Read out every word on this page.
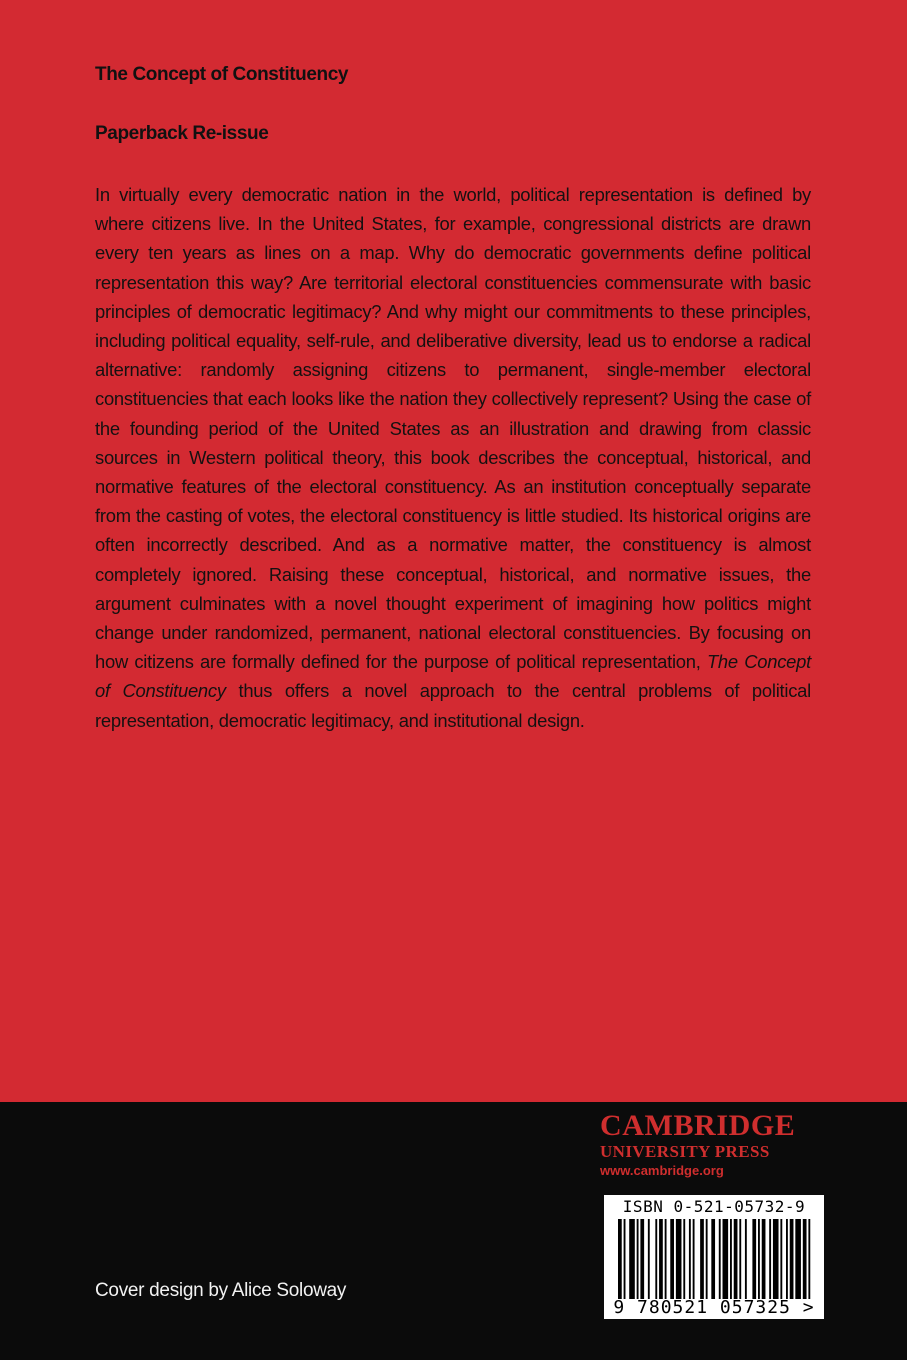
The Concept of Constituency
Paperback Re-issue

In virtually every democratic nation in the world, political representation is defined by where citizens live. In the United States, for example, congressional districts are drawn every ten years as lines on a map. Why do democratic governments define political representation this way? Are territorial electoral constituencies commensurate with basic principles of democratic legitimacy? And why might our commitments to these principles, including political equality, self-rule, and deliberative diversity, lead us to endorse a radical alternative: randomly assigning citizens to permanent, single-member electoral constituencies that each looks like the nation they collectively represent? Using the case of the founding period of the United States as an illustration and drawing from classic sources in Western political theory, this book describes the conceptual, historical, and normative features of the electoral constituency. As an institution conceptually separate from the casting of votes, the electoral constituency is little studied. Its historical origins are often incorrectly described. And as a normative matter, the constituency is almost completely ignored. Raising these conceptual, historical, and normative issues, the argument culminates with a novel thought experiment of imagining how politics might change under randomized, permanent, national electoral constituencies. By focusing on how citizens are formally defined for the purpose of political representation, The Concept of Constituency thus offers a novel approach to the central problems of political representation, democratic legitimacy, and institutional design.

CAMBRIDGE
UNIVERSITY PRESS
www.cambridge.org
ISBN 0-521-05732-9
9 780521 057325 >

Cover design by Alice Soloway
